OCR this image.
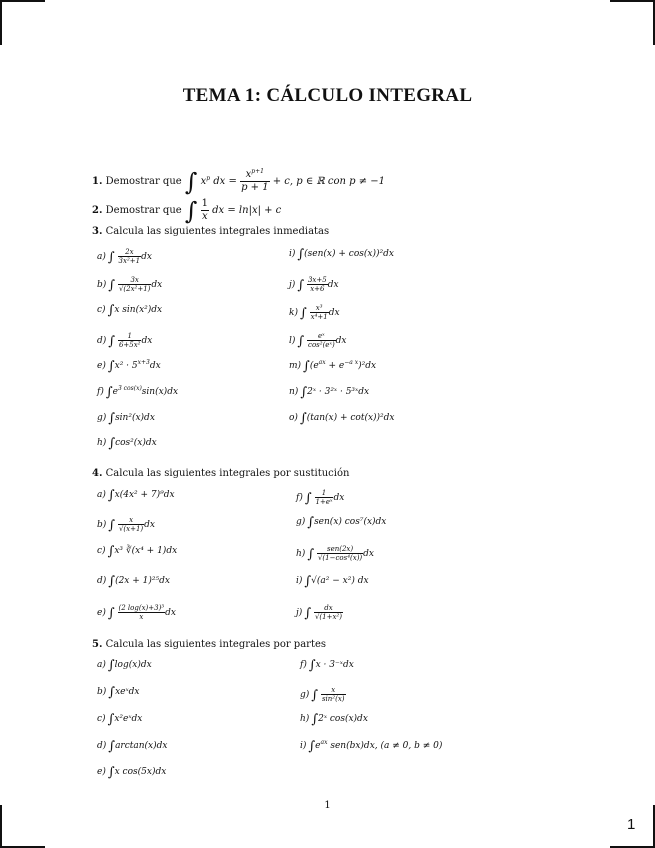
TEMA 1: CÁLCULO INTEGRAL
1. Demostrar que ∫ $x^p$ dx = $\frac{x^{p+1}}{p + 1} + c$, p ∈ ℝ con p ≠ −1
2. Demostrar que ∫ $\frac{1}{x}$ dx = ln|x| + c
3. Calcula las siguientes integrales inmediatas
a) ∫ $\frac{2x}{\text{3x²+1}}$ dx
b) ∫ $\frac{3x}{\text{√(2x²+1)}}$ dx
c) ∫x sin(x²)dx
d) ∫ $\frac{1}{\text{6+5x²}}$ dx
e) $\int x^2 \cdot 5^{x+3}dx$
f) $\int e^{3 cos(x)}\sin(x)dx$
g) ∫sin²(x)dx
h) ∫cos²(x)dx
i) ∫(sen(x) + cos(x))²dx
j) ∫ $\frac{3x+5}{x+6}$ dx
k) ∫ $\frac{\text{x³}}{\text{x⁴+1}}$ dx
l) ∫ $\frac{\text{eˣ}}{\text{cos²(eˣ)}}$ dx
m) $\int(e^{ax} + e^{-a x})^2dx$
n) ∫2ˣ · 3²ˣ · 5³ˣdx
o) ∫(tan(x) + cot(x))²dx
4. Calcula las siguientes integrales por sustitución
a) ∫x(4x² + 7)⁹dx
b) ∫ $\frac{x}{√(x+1)}$ dx
c) ∫x³ ∛(x⁴ + 1)dx
d) ∫(2x + 1)²⁵dx
e) ∫ $\frac{\text{(2 log(x)+3)³}}{x}$ dx
f) ∫ $\frac{1}{\text{1+eˣ}}$ dx
g) ∫sen(x) cos⁷(x)dx
h) ∫ $\frac{\text{sen(2x)}}{\text{√(1−cos⁴(x))}}$ dx
i) ∫√(a² − x²) dx
j) ∫ $\frac{dx}{\text{√(1+x²)}}$
5. Calcula las siguientes integrales por partes
a) ∫log(x)dx
b) ∫xeˣdx
c) ∫x²eˣdx
d) ∫arctan(x)dx
e) ∫x cos(5x)dx
f) ∫x · 3⁻ˣdx
g) ∫ $\frac{x}{\text{sin²(x)}}$
h) ∫2ˣ cos(x)dx
i) $\int e^{ax}$ sen(bx)dx, (a ≠ 0, b ≠ 0)
1
1
